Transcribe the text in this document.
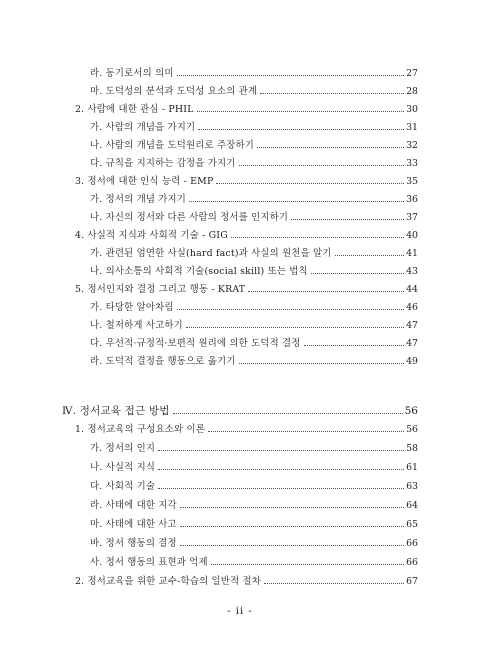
라. 동기로서의 의미	27
마. 도덕성의 분석과 도덕성 요소의 관계	28
2. 사람에 대한 관심 - PHIL	30
가. 사람의 개념을 가지기	31
나. 사람의 개념을 도덕원리로 주장하기	32
다. 규칙을 지지하는 감정을 가지기	33
3. 정서에 대한 인식 능력 - EMP	35
가. 정서의 개념 가지기	36
나. 자신의 정서와 다른 사람의 정서를 인지하기	37
4. 사실적 지식과 사회적 기술 - GIG	40
가. 관련된 엄연한 사실(hard fact)과 사실의 원천을 알기	41
나. 의사소통의 사회적 기술(social skill) 또는 법칙	43
5. 정서인지와 결정 그리고 행동 - KRAT	44
가. 타당한 알아차림	46
나. 철저하게 사고하기	47
다. 우선적·규정적·보편적 원리에 의한 도덕적 결정	47
라. 도덕적 결정을 행동으로 옮기기	49
Ⅳ. 정서교육 접근 방법	56
1. 정서교육의 구성요소와 이론	56
가. 정서의 인지	58
나. 사실적 지식	61
다. 사회적 기술	63
라. 사태에 대한 지각	64
마. 사태에 대한 사고	65
바. 정서 행동의 결정	66
사. 정서 행동의 표현과 억제	66
2. 정서교육을 위한 교수-학습의 일반적 절차	67
- ii -
